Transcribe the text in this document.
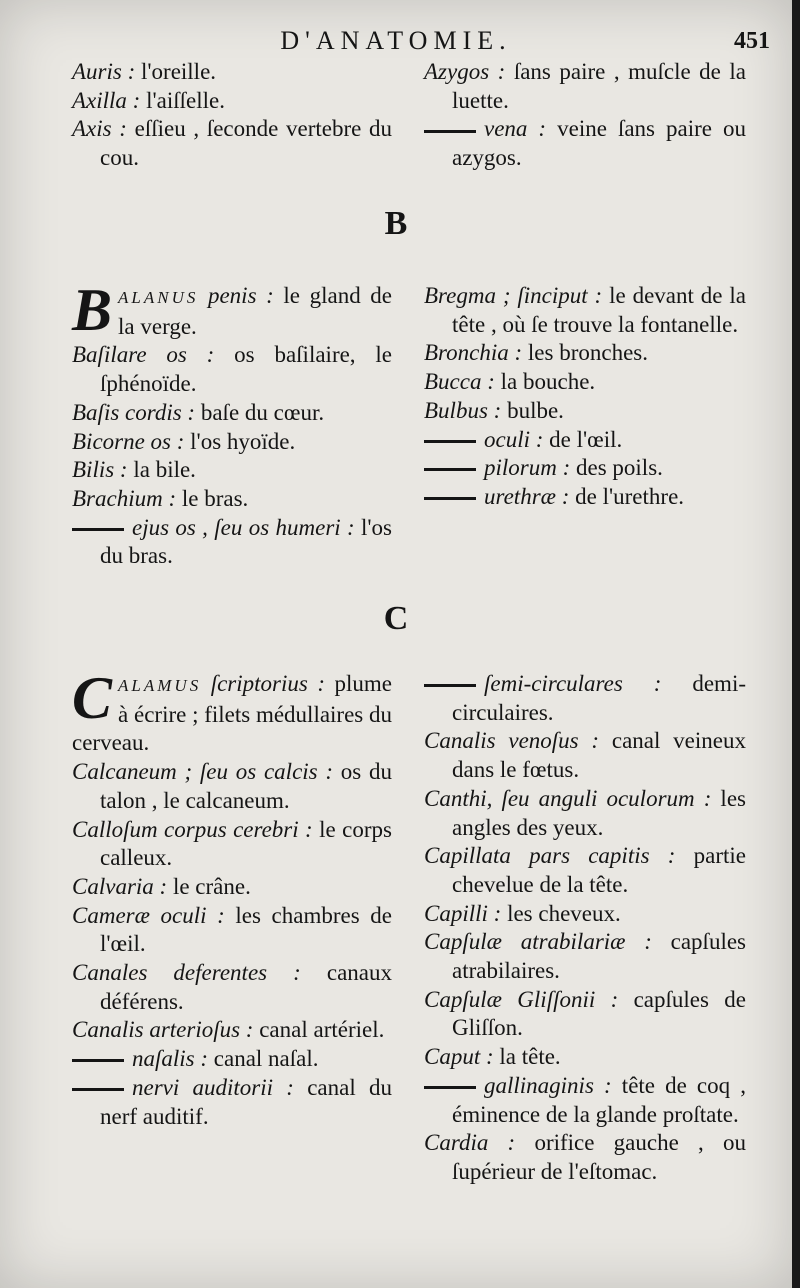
D'ANATOMIE.	451
Auris : l'oreille.
Axilla : l'aiſſelle.
Axis : eſſieu , ſeconde vertebre du cou.
Azygos : ſans paire , muſcle de la luette.
vena : veine ſans paire ou azygos.
B
B ALANUS penis : le gland de la verge.
Baſilare os : os baſilaire, le ſphénoïde.
Baſis cordis : baſe du cœur.
Bicorne os : l'os hyoïde.
Bilis : la bile.
Brachium : le bras.
ejus os , ſeu os humeri : l'os du bras.
Bregma ; ſinciput : le devant de la tête , où ſe trouve la fontanelle.
Bronchia : les bronches.
Bucca : la bouche.
Bulbus : bulbe.
oculi : de l'œil.
pilorum : des poils.
urethræ : de l'urethre.
C
C ALAMUS ſcriptorius : plume à écrire ; filets médullaires du cerveau.
Calcaneum ; ſeu os calcis : os du talon , le calcaneum.
Calloſum corpus cerebri : le corps calleux.
Calvaria : le crâne.
Cameræ oculi : les chambres de l'œil.
Canales deferentes : canaux déférens.
Canalis arterioſus : canal artériel.
naſalis : canal naſal.
nervi auditorii : canal du nerf auditif.
ſemi-circulares : demi-circulaires.
Canalis venoſus : canal veineux dans le fœtus.
Canthi, ſeu anguli oculorum : les angles des yeux.
Capillata pars capitis : partie chevelue de la tête.
Capilli : les cheveux.
Capſulæ atrabilariæ : capſules atrabilaires.
Capſulæ Gliſſonii : capſules de Gliſſon.
Caput : la tête.
gallinaginis : tête de coq , éminence de la glande proſtate.
Cardia : orifice gauche , ou ſupérieur de l'eſtomac.
